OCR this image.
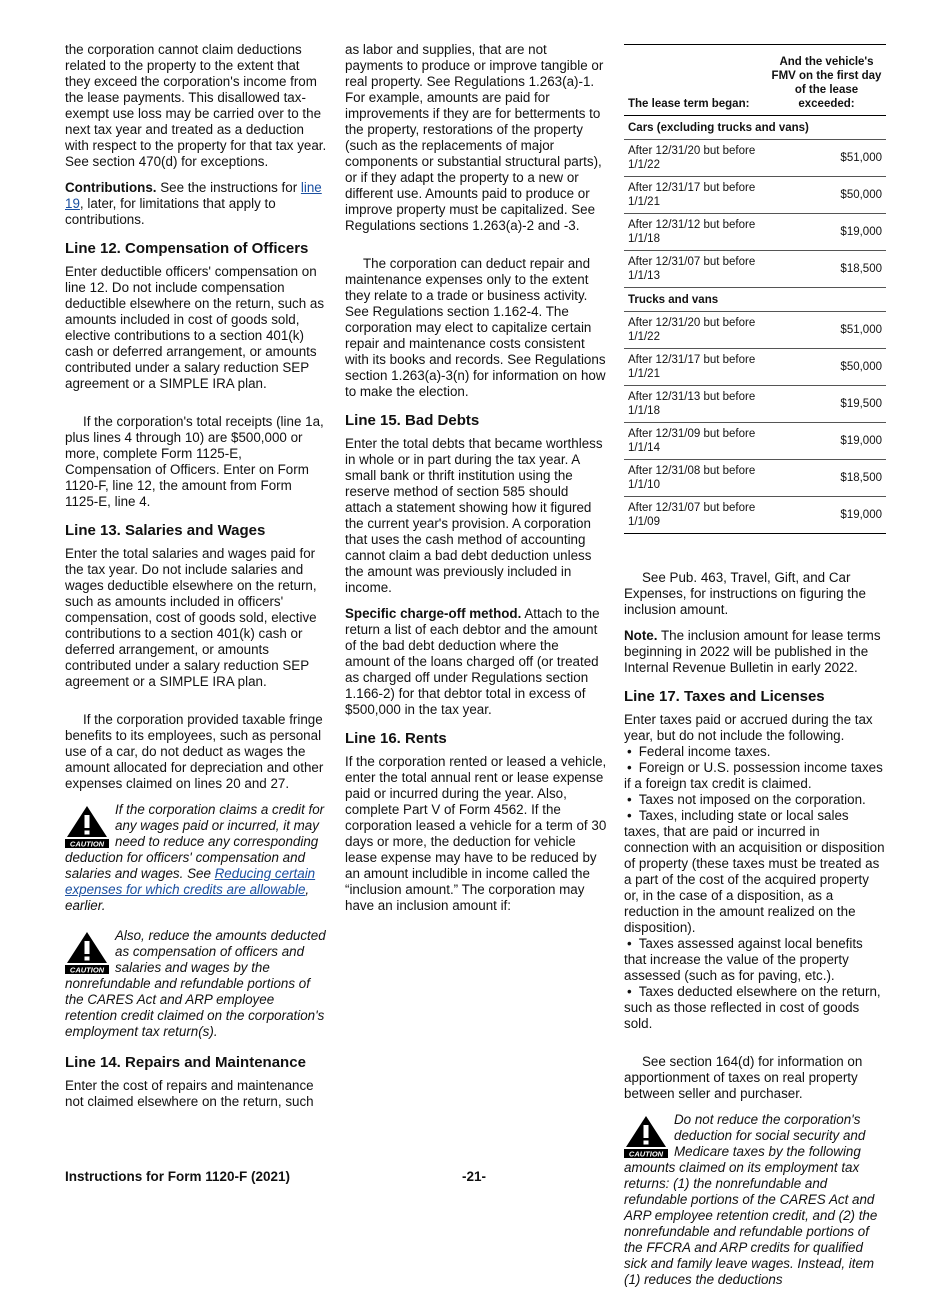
the corporation cannot claim deductions related to the property to the extent that they exceed the corporation's income from the lease payments. This disallowed tax-exempt use loss may be carried over to the next tax year and treated as a deduction with respect to the property for that tax year. See section 470(d) for exceptions.

Contributions. See the instructions for line 19, later, for limitations that apply to contributions.

Line 12. Compensation of Officers

Enter deductible officers' compensation on line 12. Do not include compensation deductible elsewhere on the return, such as amounts included in cost of goods sold, elective contributions to a section 401(k) cash or deferred arrangement, or amounts contributed under a salary reduction SEP agreement or a SIMPLE IRA plan.

If the corporation's total receipts (line 1a, plus lines 4 through 10) are $500,000 or more, complete Form 1125-E, Compensation of Officers. Enter on Form 1120-F, line 12, the amount from Form 1125-E, line 4.

Line 13. Salaries and Wages

Enter the total salaries and wages paid for the tax year. Do not include salaries and wages deductible elsewhere on the return, such as amounts included in officers' compensation, cost of goods sold, elective contributions to a section 401(k) cash or deferred arrangement, or amounts contributed under a salary reduction SEP agreement or a SIMPLE IRA plan.

If the corporation provided taxable fringe benefits to its employees, such as personal use of a car, do not deduct as wages the amount allocated for depreciation and other expenses claimed on lines 20 and 27.

CAUTION
If the corporation claims a credit for any wages paid or incurred, it may need to reduce any corresponding deduction for officers' compensation and salaries and wages. See Reducing certain expenses for which credits are allowable, earlier.
CAUTION
Also, reduce the amounts deducted as compensation of officers and salaries and wages by the nonrefundable and refundable portions of the CARES Act and ARP employee retention credit claimed on the corporation's employment tax return(s).
Line 14. Repairs and Maintenance

Enter the cost of repairs and maintenance not claimed elsewhere on the return, such

as labor and supplies, that are not payments to produce or improve tangible or real property. See Regulations 1.263(a)-1. For example, amounts are paid for improvements if they are for betterments to the property, restorations of the property (such as the replacements of major components or substantial structural parts), or if they adapt the property to a new or different use. Amounts paid to produce or improve property must be capitalized. See Regulations sections 1.263(a)-2 and -3.

The corporation can deduct repair and maintenance expenses only to the extent they relate to a trade or business activity. See Regulations section 1.162-4. The corporation may elect to capitalize certain repair and maintenance costs consistent with its books and records. See Regulations section 1.263(a)-3(n) for information on how to make the election.

Line 15. Bad Debts

Enter the total debts that became worthless in whole or in part during the tax year. A small bank or thrift institution using the reserve method of section 585 should attach a statement showing how it figured the current year's provision. A corporation that uses the cash method of accounting cannot claim a bad debt deduction unless the amount was previously included in income.

Specific charge-off method. Attach to the return a list of each debtor and the amount of the bad debt deduction where the amount of the loans charged off (or treated as charged off under Regulations section 1.166-2) for that debtor total in excess of $500,000 in the tax year.

Line 16. Rents

If the corporation rented or leased a vehicle, enter the total annual rent or lease expense paid or incurred during the year. Also, complete Part V of Form 4562. If the corporation leased a vehicle for a term of 30 days or more, the deduction for vehicle lease expense may have to be reduced by an amount includible in income called the “inclusion amount.” The corporation may have an inclusion amount if:

The lease term began:	And the vehicle's FMV on the first day of the lease exceeded:
Cars (excluding trucks and vans)	
After 12/31/20 but before 1/1/22	$51,000
After 12/31/17 but before 1/1/21	$50,000
After 12/31/12 but before 1/1/18	$19,000
After 12/31/07 but before 1/1/13	$18,500
Trucks and vans	
After 12/31/20 but before 1/1/22	$51,000
After 12/31/17 but before 1/1/21	$50,000
After 12/31/13 but before 1/1/18	$19,500
After 12/31/09 but before 1/1/14	$19,000
After 12/31/08 but before 1/1/10	$18,500
After 12/31/07 but before 1/1/09	$19,000

See Pub. 463, Travel, Gift, and Car Expenses, for instructions on figuring the inclusion amount.

Note. The inclusion amount for lease terms beginning in 2022 will be published in the Internal Revenue Bulletin in early 2022.

Line 17. Taxes and Licenses

Enter taxes paid or accrued during the tax year, but do not include the following.

• Federal income taxes.
• Foreign or U.S. possession income taxes if a foreign tax credit is claimed.
• Taxes not imposed on the corporation.
• Taxes, including state or local sales taxes, that are paid or incurred in connection with an acquisition or disposition of property (these taxes must be treated as a part of the cost of the acquired property or, in the case of a disposition, as a reduction in the amount realized on the disposition).
• Taxes assessed against local benefits that increase the value of the property assessed (such as for paving, etc.).
• Taxes deducted elsewhere on the return, such as those reflected in cost of goods sold.

See section 164(d) for information on apportionment of taxes on real property between seller and purchaser.

CAUTION
Do not reduce the corporation's deduction for social security and Medicare taxes by the following amounts claimed on its employment tax returns: (1) the nonrefundable and refundable portions of the CARES Act and ARP employee retention credit, and (2) the nonrefundable and refundable portions of the FFCRA and ARP credits for qualified sick and family leave wages. Instead, item (1) reduces the deductions
Instructions for Form 1120-F (2021)	-21-
